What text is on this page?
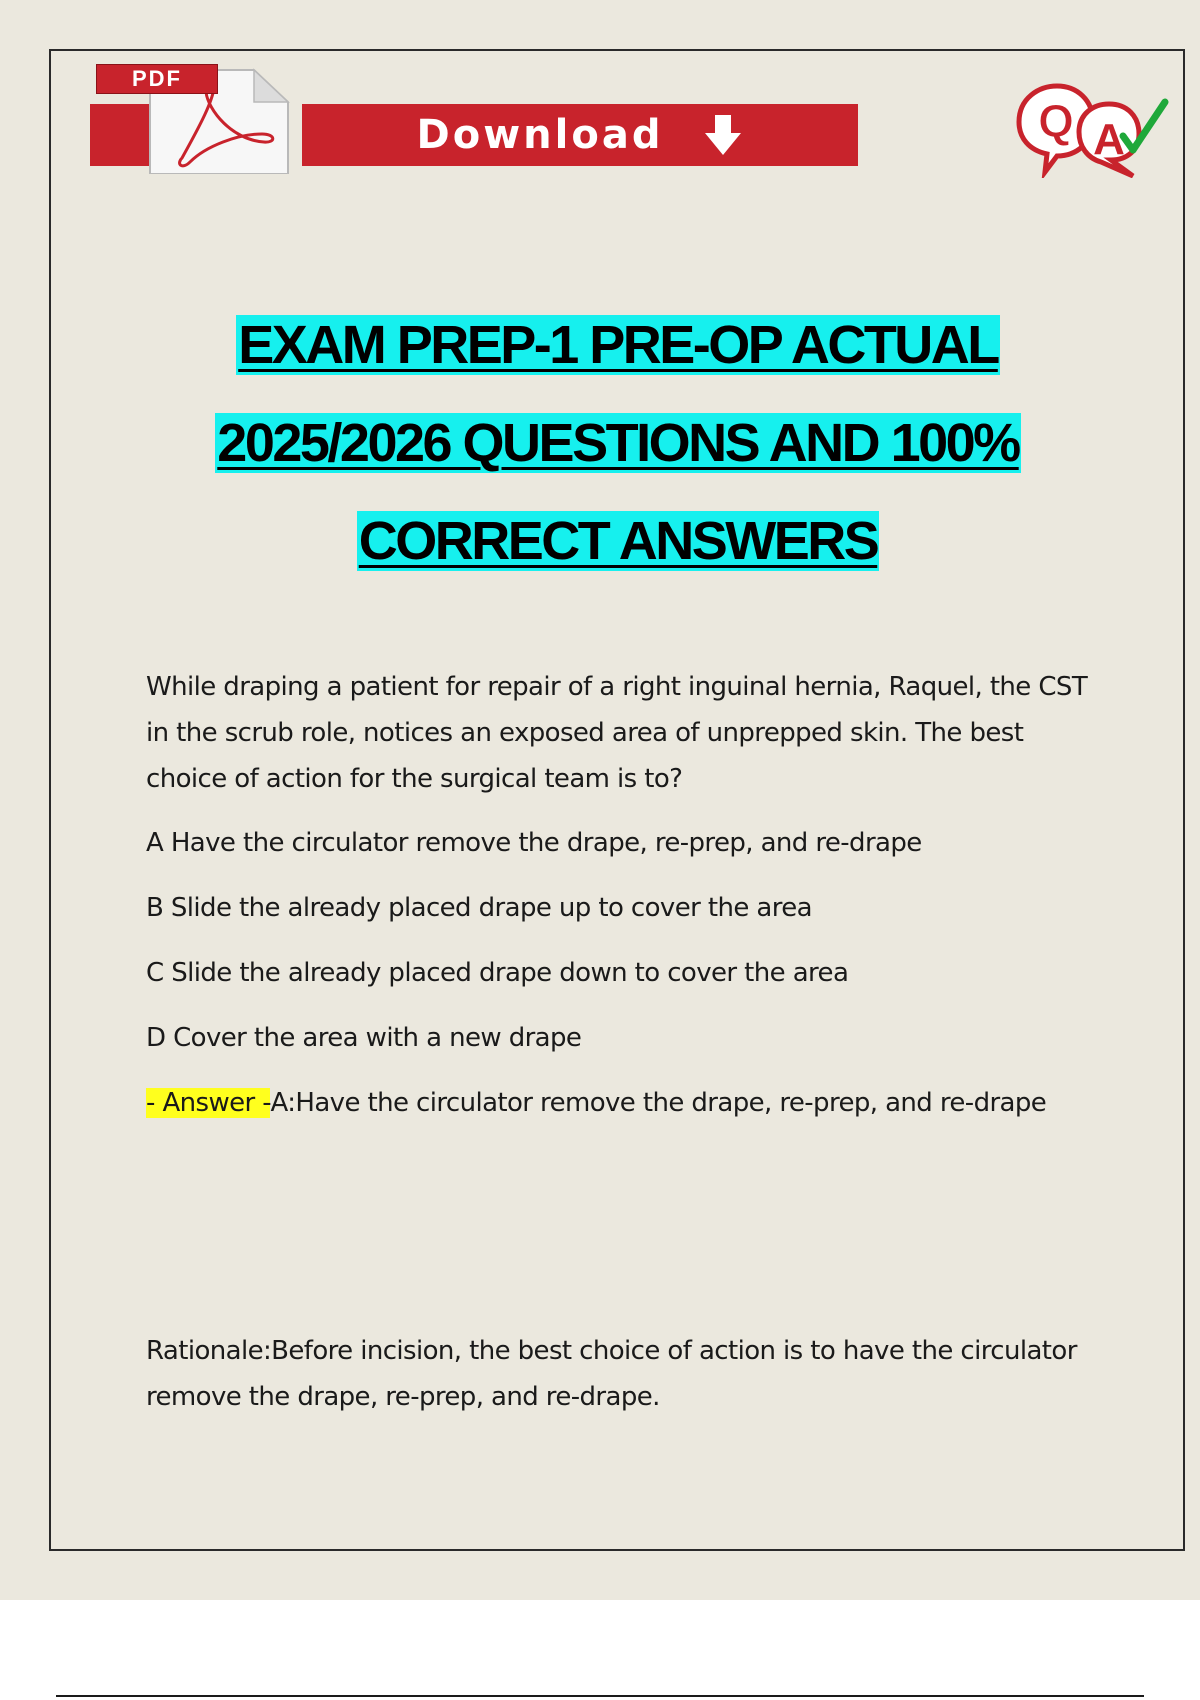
PDF
Download	Q A
EXAM PREP-1 PRE-OP ACTUAL
2025/2026 QUESTIONS AND 100%
CORRECT ANSWERS

While draping a patient for repair of a right inguinal hernia, Raquel, the CST in the scrub role, notices an exposed area of unprepped skin. The best choice of action for the surgical team is to?

A Have the circulator remove the drape, re-prep, and re-drape

B Slide the already placed drape up to cover the area

C Slide the already placed drape down to cover the area

D Cover the area with a new drape

- Answer -A:Have the circulator remove the drape, re-prep, and re-drape

Rationale:Before incision, the best choice of action is to have the circulator remove the drape, re-prep, and re-drape.
